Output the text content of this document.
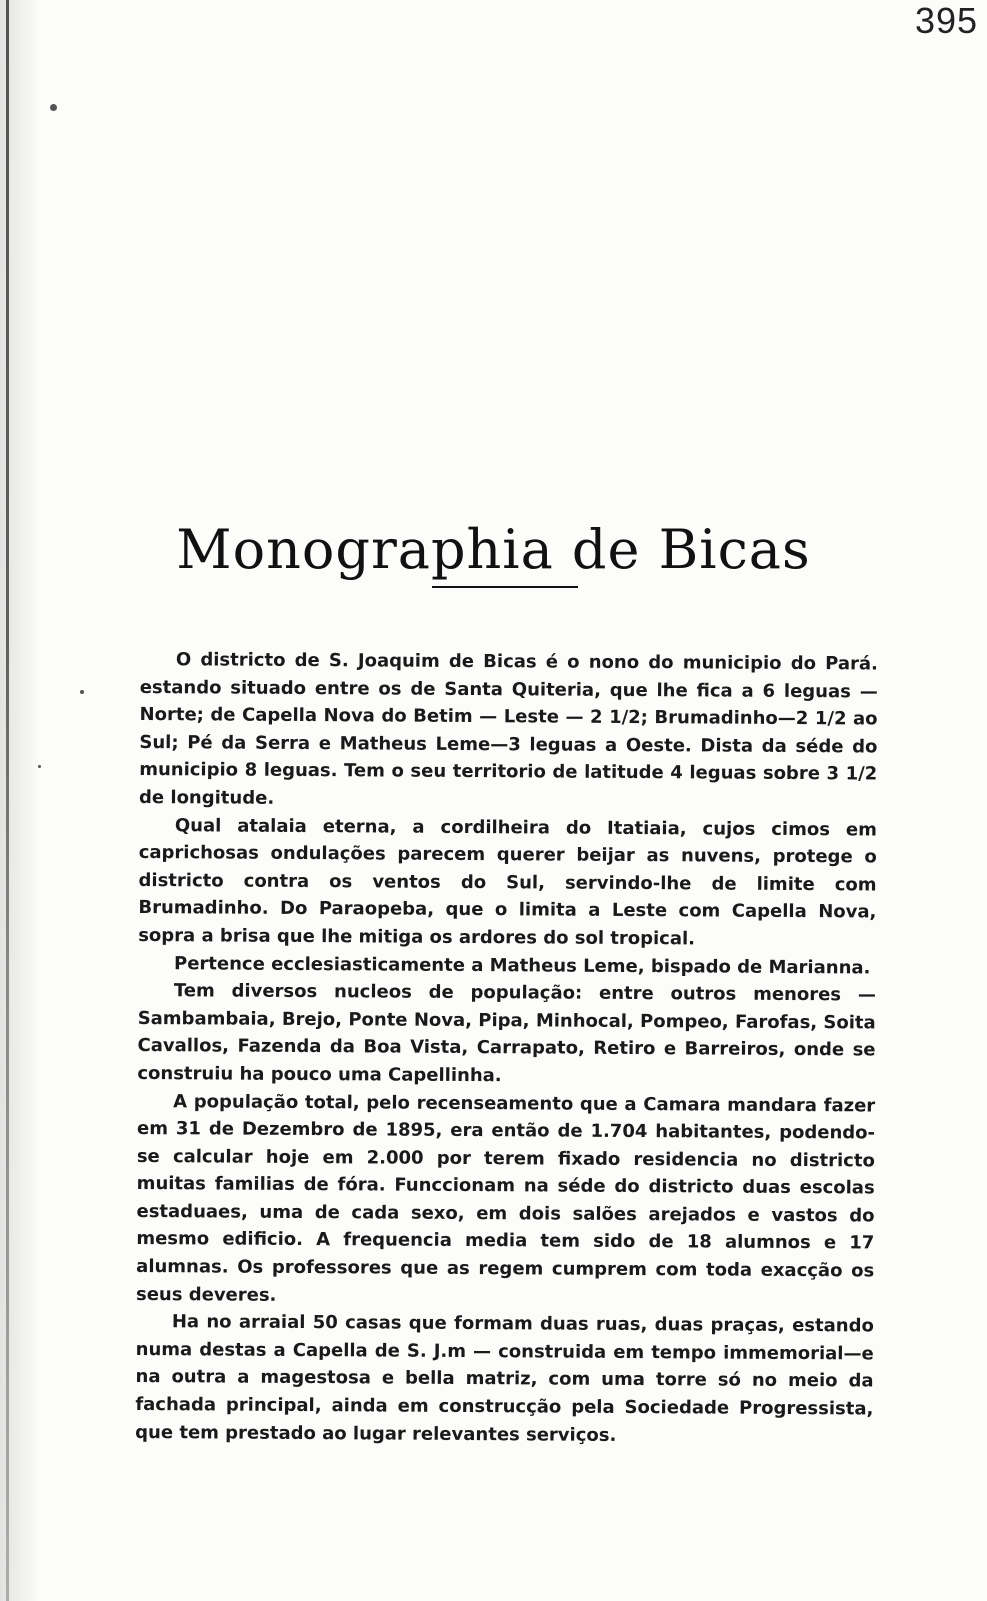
395
Monographia de Bicas

O districto de S. Joaquim de Bicas é o nono do municipio do Pará. estando situado entre os de Santa Quiteria, que lhe fica a 6 leguas — Norte; de Capella Nova do Betim — Leste — 2 1/2; Brumadinho—2 1/2 ao Sul; Pé da Serra e Matheus Leme—3 leguas a Oeste. Dista da séde do municipio 8 leguas. Tem o seu territorio de latitude 4 leguas sobre 3 1/2 de longitude.

Qual atalaia eterna, a cordilheira do Itatiaia, cujos cimos em caprichosas ondulações parecem querer beijar as nuvens, protege o districto contra os ventos do Sul, servindo-lhe de limite com Brumadinho. Do Paraopeba, que o limita a Leste com Capella Nova, sopra a brisa que lhe mitiga os ardores do sol tropical.

Pertence ecclesiasticamente a Matheus Leme, bispado de Marianna.

Tem diversos nucleos de população: entre outros menores — Sambambaia, Brejo, Ponte Nova, Pipa, Minhocal, Pompeo, Farofas, Soita Cavallos, Fazenda da Boa Vista, Carrapato, Retiro e Barreiros, onde se construiu ha pouco uma Capellinha.

A população total, pelo recenseamento que a Camara mandara fazer em 31 de Dezembro de 1895, era então de 1.704 habitantes, podendo-se calcular hoje em 2.000 por terem fixado residencia no districto muitas familias de fóra. Funccionam na séde do districto duas escolas estaduaes, uma de cada sexo, em dois salões arejados e vastos do mesmo edificio. A frequencia media tem sido de 18 alumnos e 17 alumnas. Os professores que as regem cumprem com toda exacção os seus deveres.

Ha no arraial 50 casas que formam duas ruas, duas praças, estando numa destas a Capella de S. J.m — construida em tempo immemorial—e na outra a magestosa e bella matriz, com uma torre só no meio da fachada principal, ainda em construcção pela Sociedade Progressista, que tem prestado ao lugar relevantes serviços.
